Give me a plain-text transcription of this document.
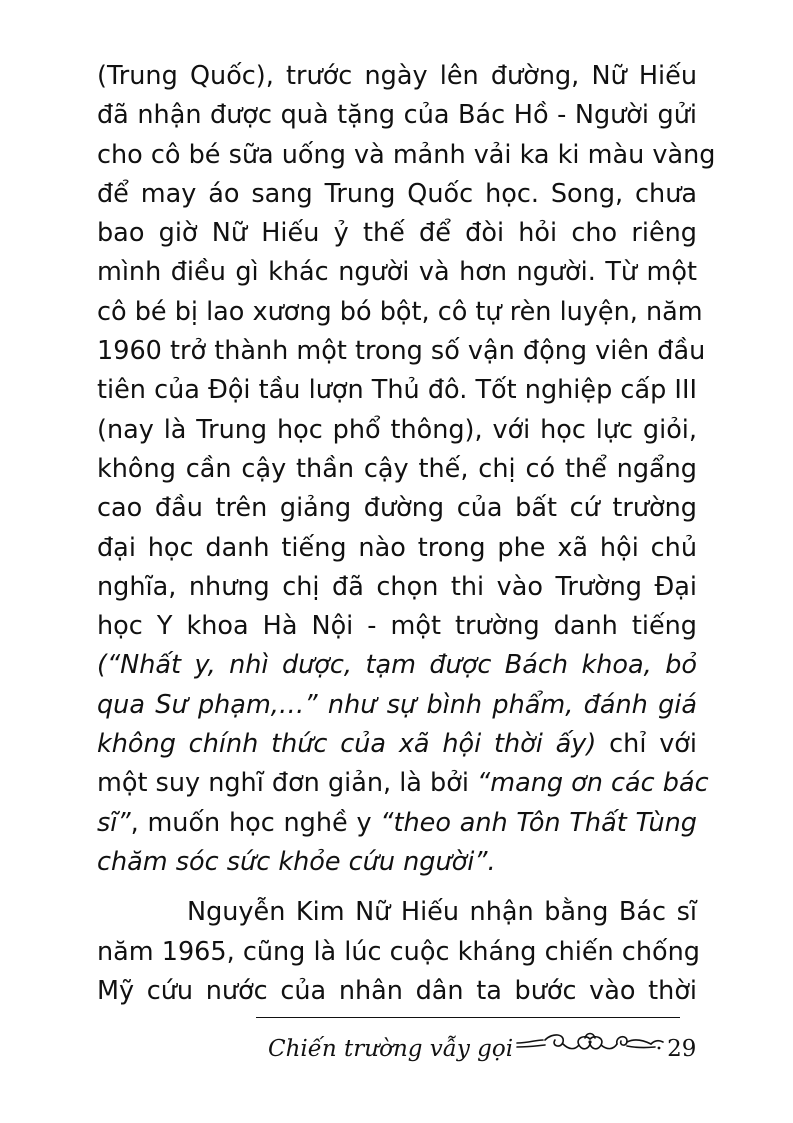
(Trung Quốc), trước ngày lên đường, Nữ Hiếu
đã nhận được quà tặng của Bác Hồ - Người gửi
cho cô bé sữa uống và mảnh vải ka ki màu vàng
để may áo sang Trung Quốc học. Song, chưa
bao giờ Nữ Hiếu ỷ thế để đòi hỏi cho riêng
mình điều gì khác người và hơn người. Từ một
cô bé bị lao xương bó bột, cô tự rèn luyện, năm
1960 trở thành một trong số vận động viên đầu
tiên của Đội tầu lượn Thủ đô. Tốt nghiệp cấp III
(nay là Trung học phổ thông), với học lực giỏi,
không cần cậy thần cậy thế, chị có thể ngẩng
cao đầu trên giảng đường của bất cứ trường
đại học danh tiếng nào trong phe xã hội chủ
nghĩa, nhưng chị đã chọn thi vào Trường Đại
học Y khoa Hà Nội - một trường danh tiếng
(“Nhất y, nhì dược, tạm được Bách khoa, bỏ
qua Sư phạm,…” như sự bình phẩm, đánh giá
không chính thức của xã hội thời ấy) chỉ với
một suy nghĩ đơn giản, là bởi “mang ơn các bác
sĩ”, muốn học nghề y “theo anh Tôn Thất Tùng
chăm sóc sức khỏe cứu người”.
Nguyễn Kim Nữ Hiếu nhận bằng Bác sĩ
năm 1965, cũng là lúc cuộc kháng chiến chống
Mỹ cứu nước của nhân dân ta bước vào thời
Chiến trường vẫy gọi	29
